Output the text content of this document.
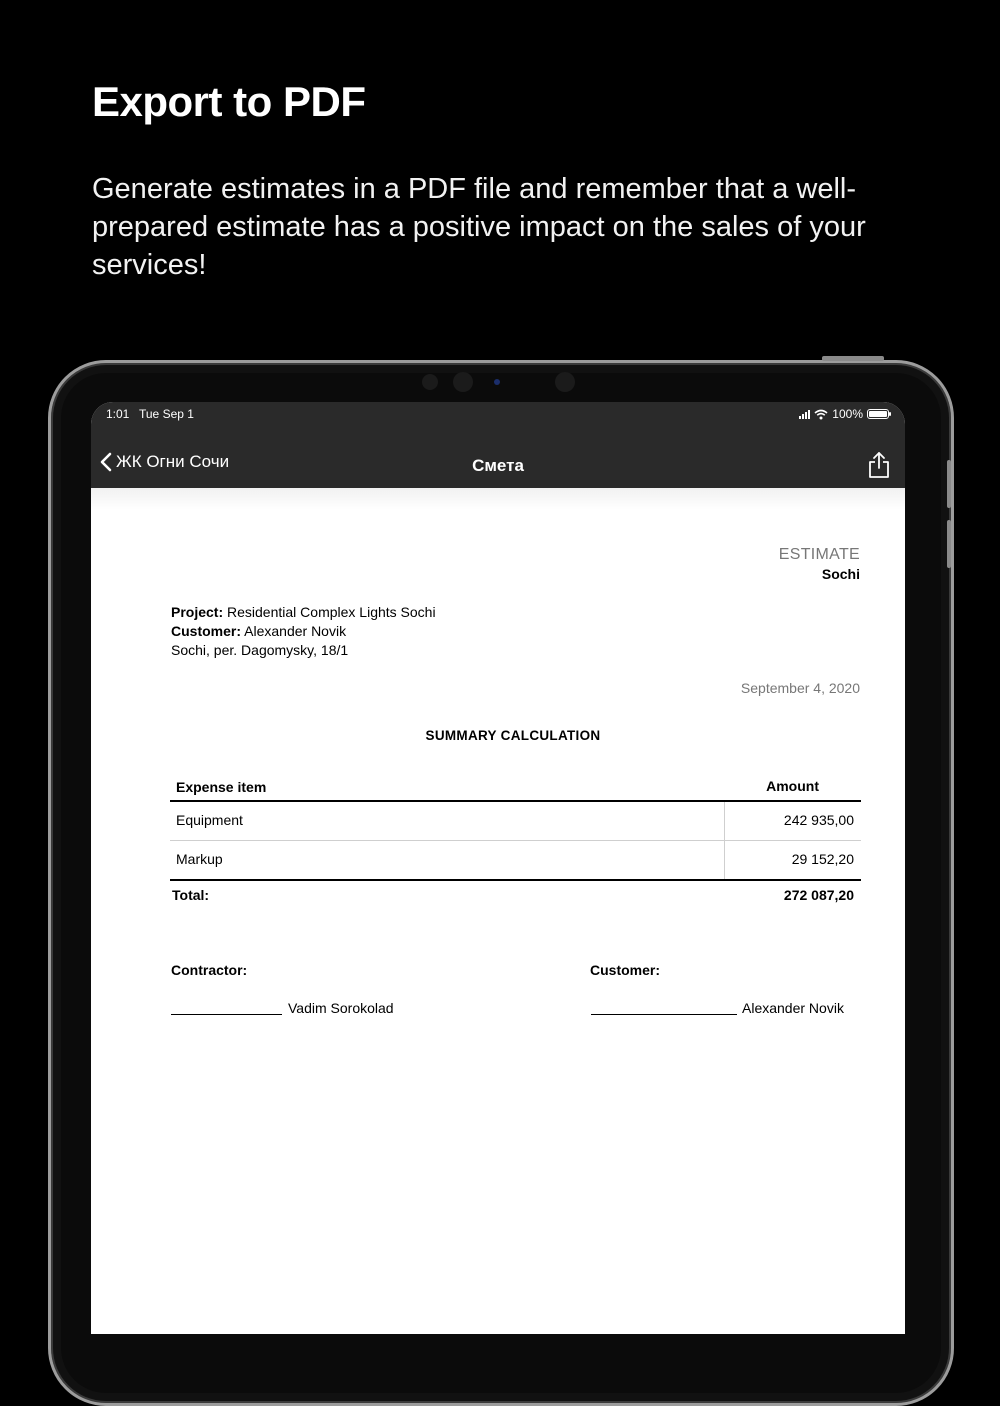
Export to PDF

Generate estimates in a PDF file and remember that a well-prepared estimate has a positive impact on the sales of your services!

1:01 Tue Sep 1	100%
ЖК Огни Сочи	Смета
ESTIMATE
Sochi
Project: Residential Complex Lights Sochi
Customer: Alexander Novik
Sochi, per. Dagomysky, 18/1
September 4, 2020
SUMMARY CALCULATION
Expense item	Amount
Equipment	242 935,00
Markup	29 152,20
Total:	272 087,20
Contractor:
Vadim Sorokolad
Customer:
Alexander Novik
